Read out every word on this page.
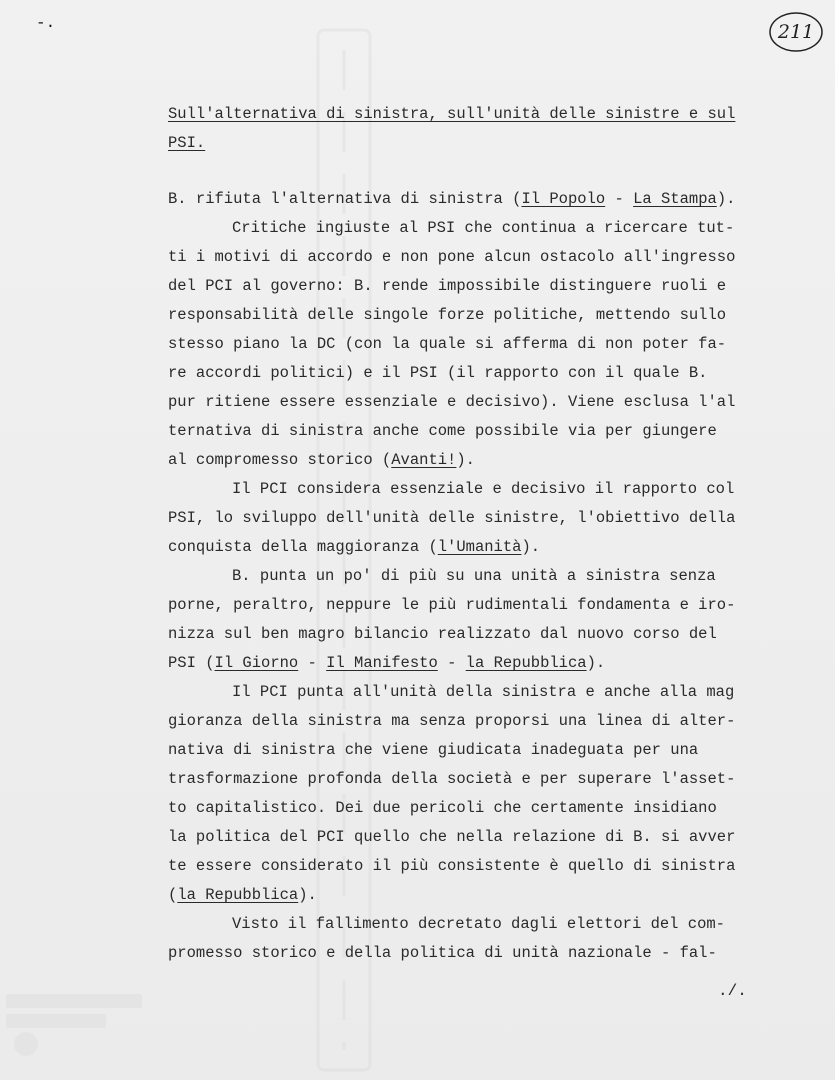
-.	211
Sull'alternativa di sinistra, sull'unità delle sinistre e sul PSI.

B. rifiuta l'alternativa di sinistra (Il Popolo - La Stampa).

Critiche ingiuste al PSI che continua a ricercare tut-
ti i motivi di accordo e non pone alcun ostacolo all'ingresso
del PCI al governo: B. rende impossibile distinguere ruoli e
responsabilità delle singole forze politiche, mettendo sullo
stesso piano la DC (con la quale si afferma di non poter fa-
re accordi politici) e il PSI (il rapporto con il quale B.
pur ritiene essere essenziale e decisivo). Viene esclusa l'al
ternativa di sinistra anche come possibile via per giungere
al compromesso storico (Avanti!).

Il PCI considera essenziale e decisivo il rapporto col
PSI, lo sviluppo dell'unità delle sinistre, l'obiettivo della
conquista della maggioranza (l'Umanità).

B. punta un po' di più su una unità a sinistra senza
porne, peraltro, neppure le più rudimentali fondamenta e iro-
nizza sul ben magro bilancio realizzato dal nuovo corso del
PSI (Il Giorno - Il Manifesto - la Repubblica).

Il PCI punta all'unità della sinistra e anche alla mag
gioranza della sinistra ma senza proporsi una linea di alter-
nativa di sinistra che viene giudicata inadeguata per una
trasformazione profonda della società e per superare l'asset-
to capitalistico. Dei due pericoli che certamente insidiano
la politica del PCI quello che nella relazione di B. si avver
te essere considerato il più consistente è quello di sinistra
(la Repubblica).

Visto il fallimento decretato dagli elettori del com-
promesso storico e della politica di unità nazionale - fal-

./.
